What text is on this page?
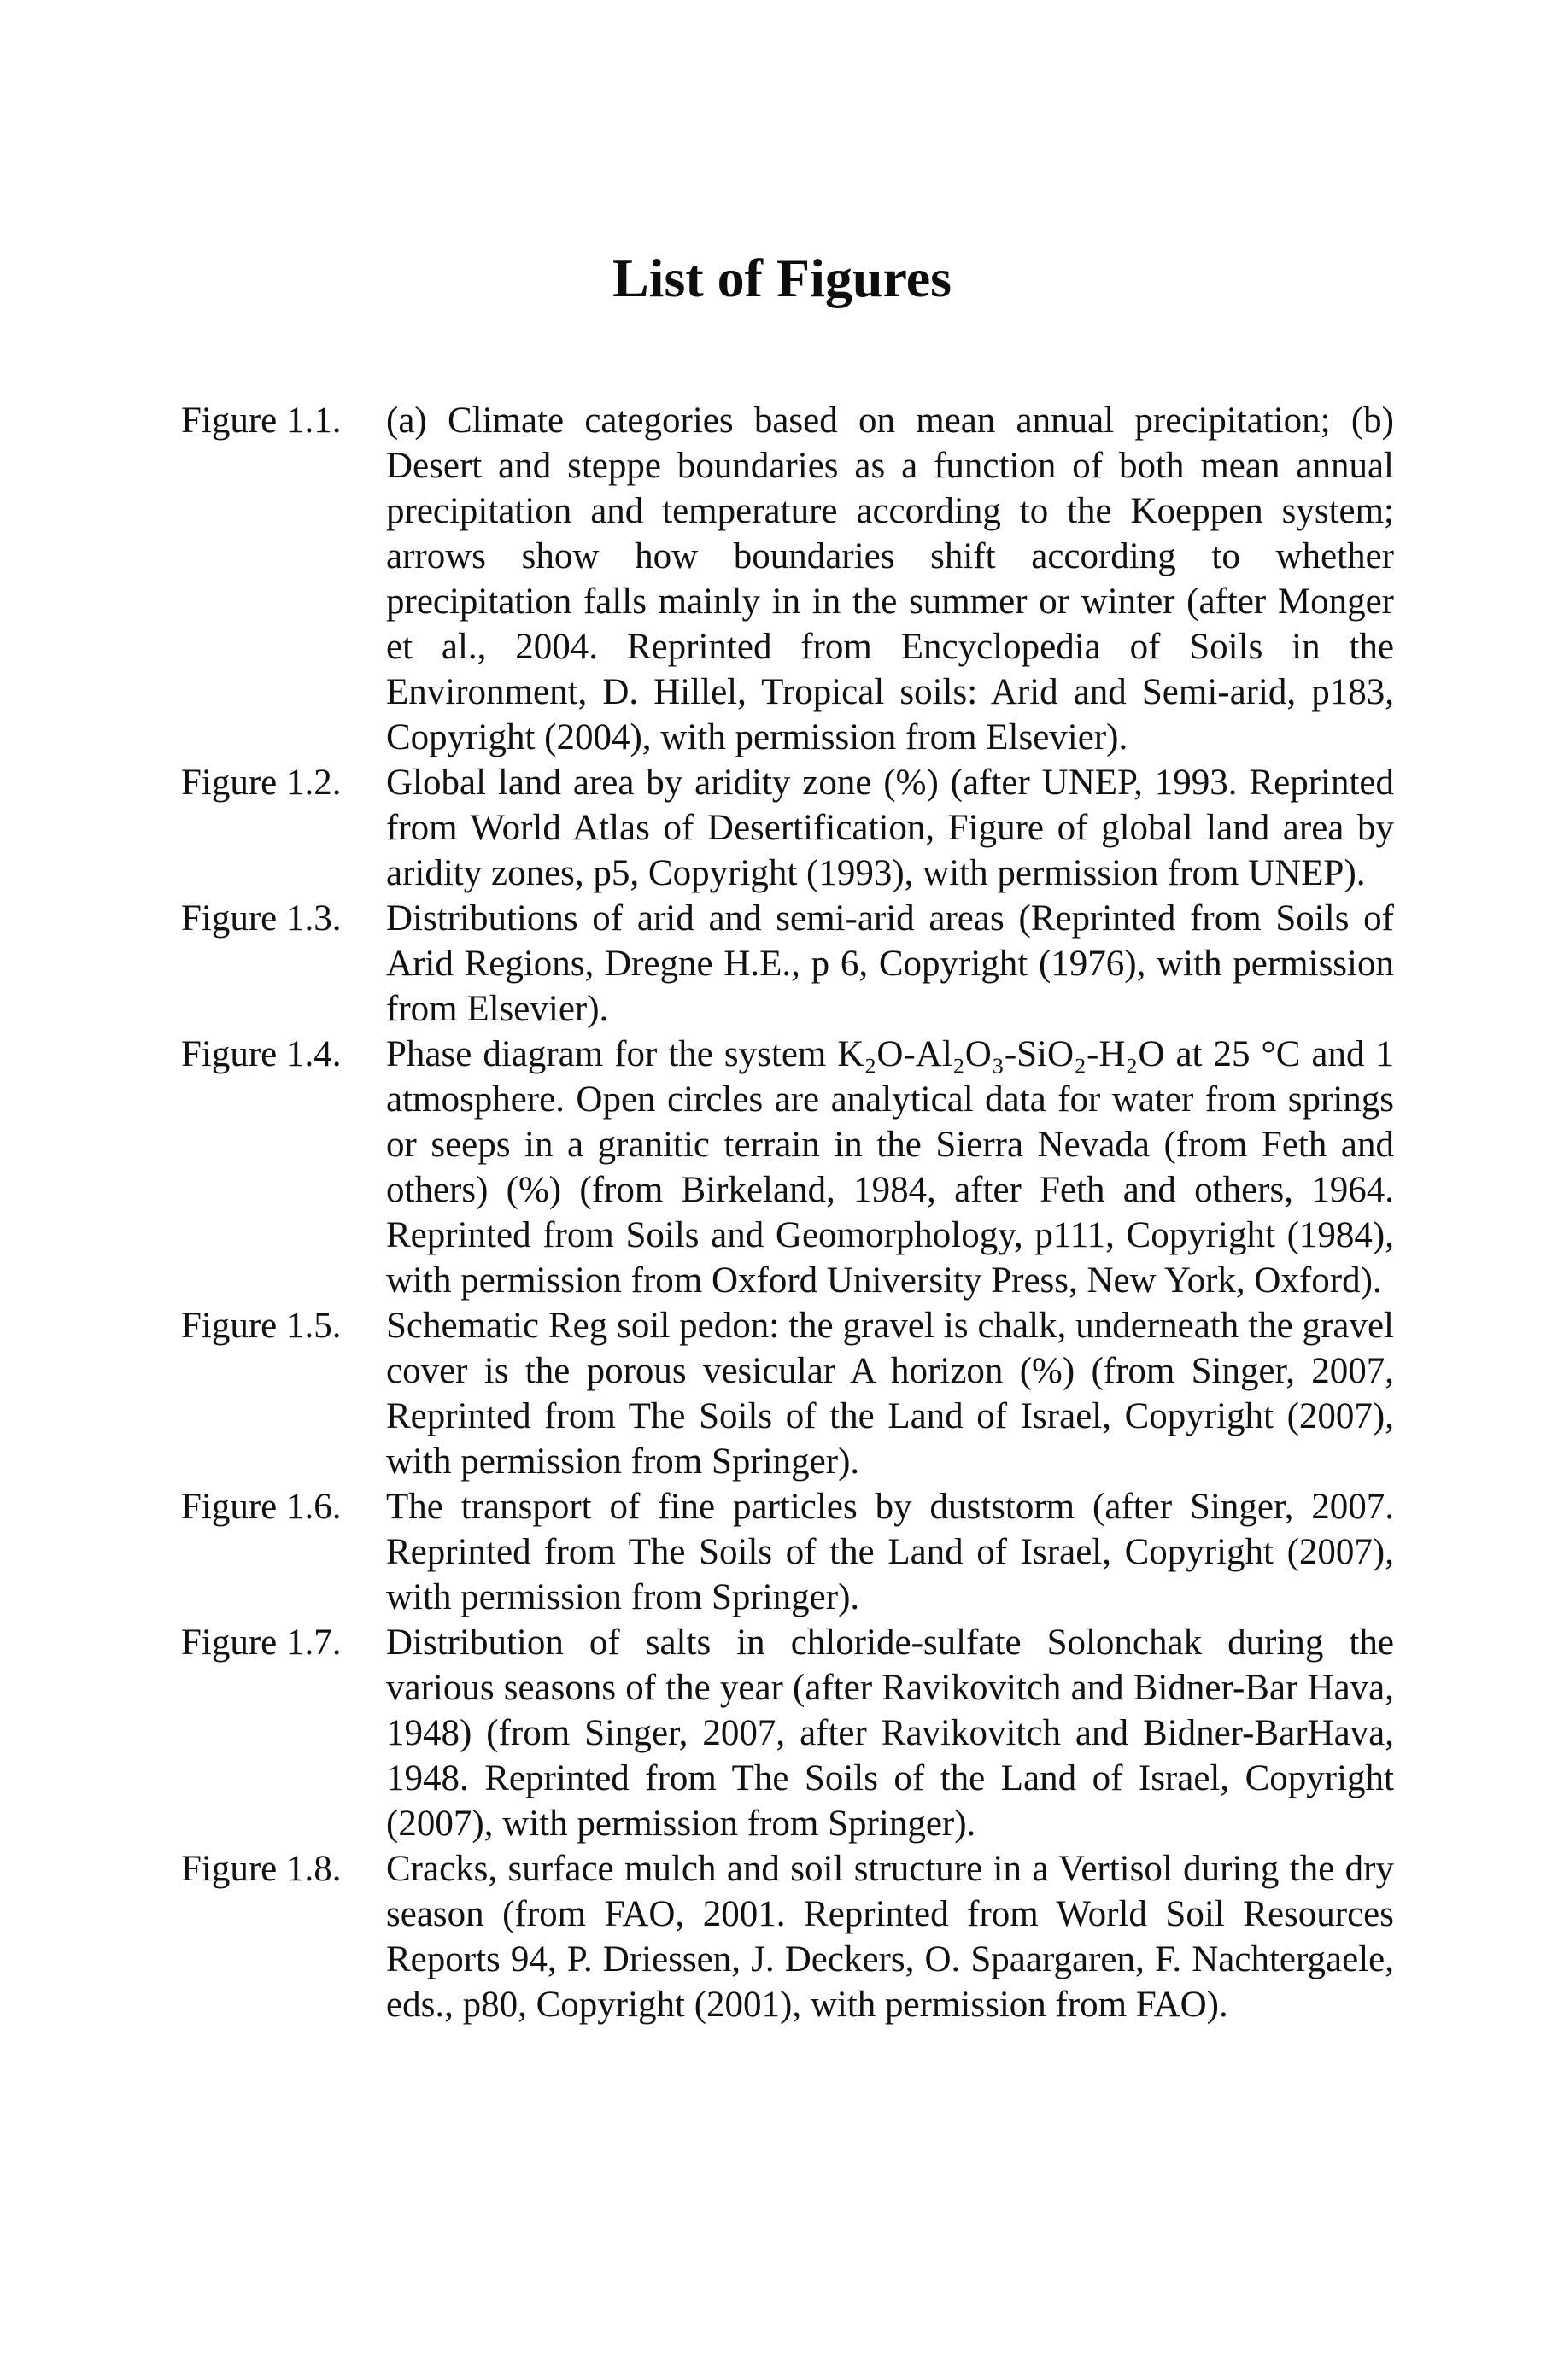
List of Figures
Figure 1.1.	(a) Climate categories based on mean annual precipitation; (b) Desert and steppe boundaries as a function of both mean annual precipitation and temperature according to the Koeppen system; arrows show how boundaries shift according to whether precipitation falls mainly in in the summer or winter (after Monger et al., 2004. Reprinted from Encyclopedia of Soils in the Environment, D. Hillel, Tropical soils: Arid and Semi-arid, p183, Copyright (2004), with permission from Elsevier).

Figure 1.2.	Global land area by aridity zone (%) (after UNEP, 1993. Reprinted from World Atlas of Desertification, Figure of global land area by aridity zones, p5, Copyright (1993), with permission from UNEP).

Figure 1.3.	Distributions of arid and semi-arid areas (Reprinted from Soils of Arid Regions, Dregne H.E., p 6, Copyright (1976), with permission from Elsevier).

Figure 1.4.	Phase diagram for the system K₂O-Al₂O₃-SiO₂-H₂O at 25 °C and 1 atmosphere. Open circles are analytical data for water from springs or seeps in a granitic terrain in the Sierra Nevada (from Feth and others) (%) (from Birkeland, 1984, after Feth and others, 1964. Reprinted from Soils and Geomorphology, p111, Copyright (1984), with permission from Oxford University Press, New York, Oxford).

Figure 1.5.	Schematic Reg soil pedon: the gravel is chalk, underneath the gravel cover is the porous vesicular A horizon (%) (from Singer, 2007, Reprinted from The Soils of the Land of Israel, Copyright (2007), with permission from Springer).

Figure 1.6.	The transport of fine particles by duststorm (after Singer, 2007. Reprinted from The Soils of the Land of Israel, Copyright (2007), with permission from Springer).

Figure 1.7.	Distribution of salts in chloride-sulfate Solonchak during the various seasons of the year (after Ravikovitch and Bidner-Bar Hava, 1948) (from Singer, 2007, after Ravikovitch and Bidner-BarHava, 1948. Reprinted from The Soils of the Land of Israel, Copyright (2007), with permission from Springer).

Figure 1.8.	Cracks, surface mulch and soil structure in a Vertisol during the dry season (from FAO, 2001. Reprinted from World Soil Resources Reports 94, P. Driessen, J. Deckers, O. Spaargaren, F. Nachtergaele, eds., p80, Copyright (2001), with permission from FAO).
